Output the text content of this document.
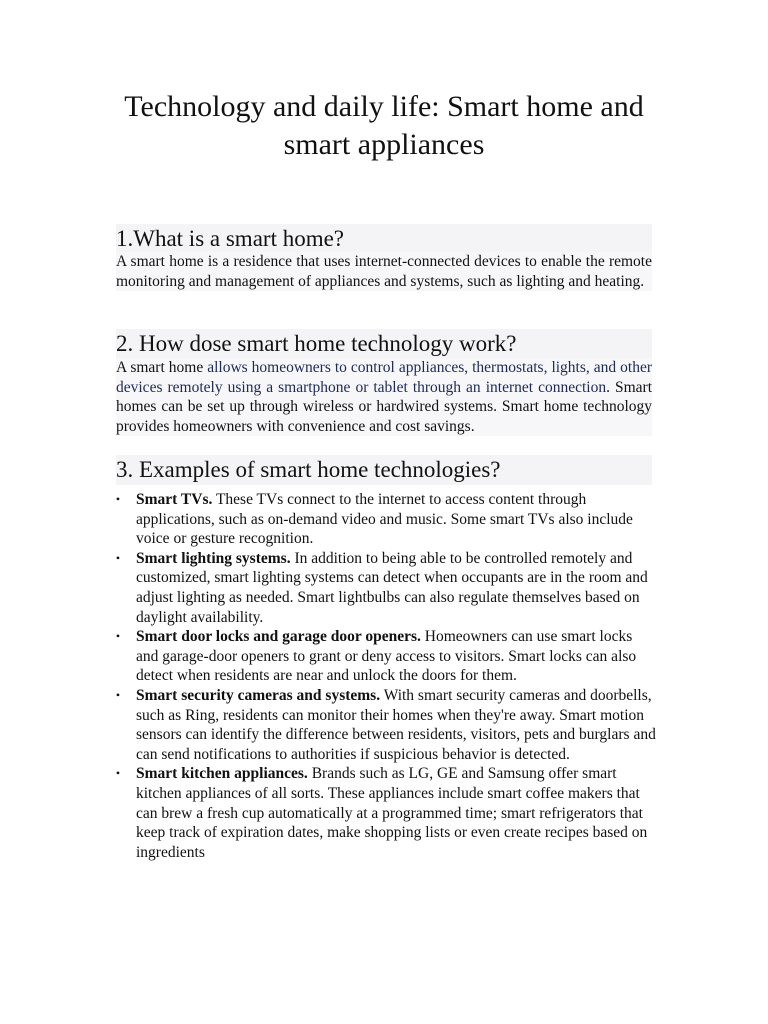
Technology and daily life: Smart home and smart appliances
1.What is a smart home?

A smart home is a residence that uses internet-connected devices to enable the remote monitoring and management of appliances and systems, such as lighting and heating.

2. How dose smart home technology work?

A smart home allows homeowners to control appliances, thermostats, lights, and other devices remotely using a smartphone or tablet through an internet connection. Smart homes can be set up through wireless or hardwired systems. Smart home technology provides homeowners with convenience and cost savings.

3. Examples of smart home technologies?
• Smart TVs. These TVs connect to the internet to access content through applications, such as on-demand video and music. Some smart TVs also include voice or gesture recognition.
• Smart lighting systems. In addition to being able to be controlled remotely and customized, smart lighting systems can detect when occupants are in the room and adjust lighting as needed. Smart lightbulbs can also regulate themselves based on daylight availability.
• Smart door locks and garage door openers. Homeowners can use smart locks and garage-door openers to grant or deny access to visitors. Smart locks can also detect when residents are near and unlock the doors for them.
• Smart security cameras and systems. With smart security cameras and doorbells, such as Ring, residents can monitor their homes when they're away. Smart motion sensors can identify the difference between residents, visitors, pets and burglars and can send notifications to authorities if suspicious behavior is detected.
• Smart kitchen appliances. Brands such as LG, GE and Samsung offer smart kitchen appliances of all sorts. These appliances include smart coffee makers that can brew a fresh cup automatically at a programmed time; smart refrigerators that keep track of expiration dates, make shopping lists or even create recipes based on ingredients
